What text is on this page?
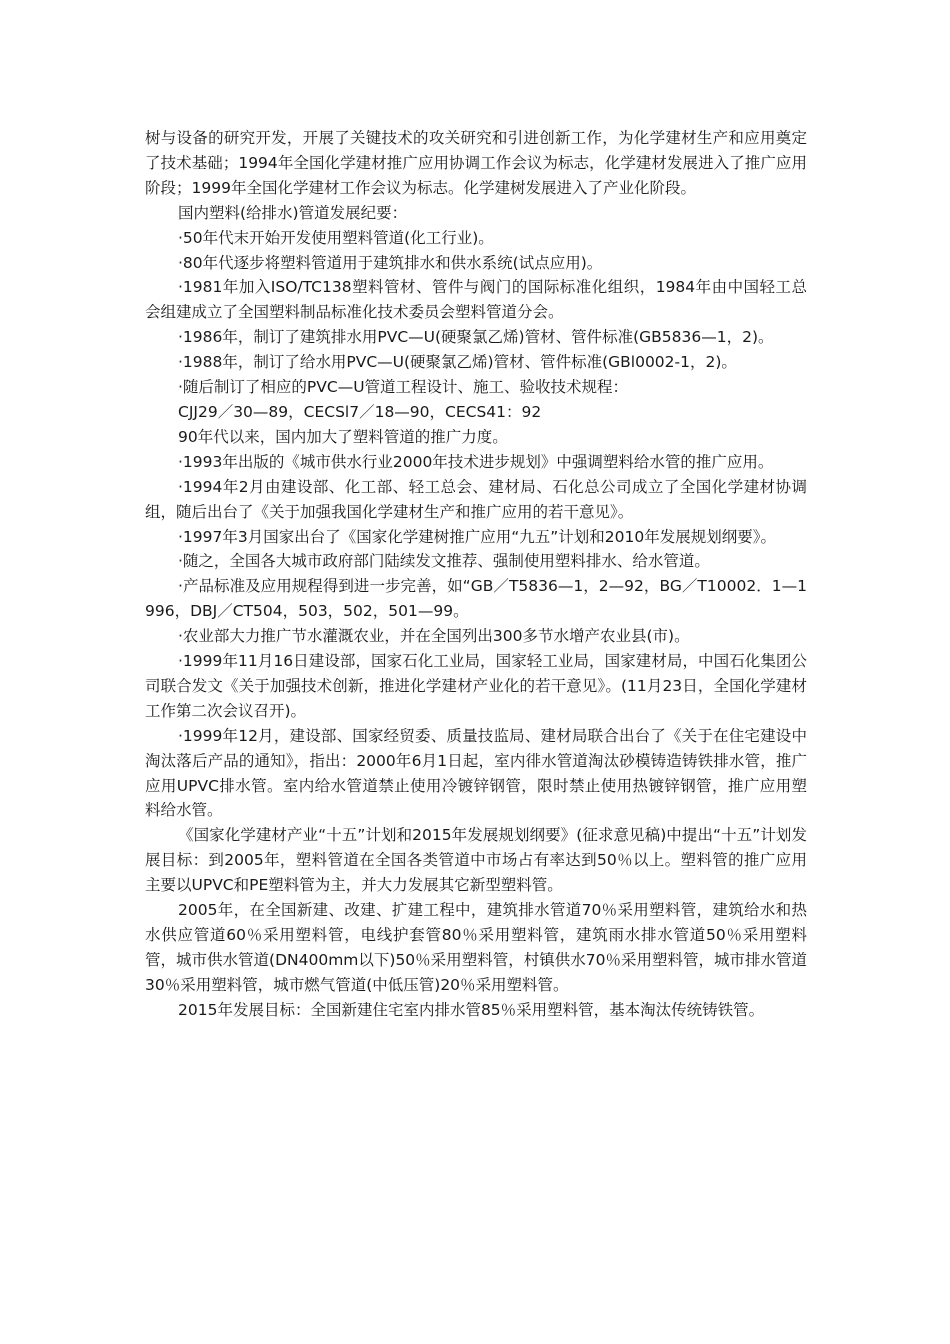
树与设备的研究开发，开展了关键技术的攻关研究和引进创新工作，为化学建材生产和应用奠定了技术基础；1994年全国化学建材推广应用协调工作会议为标志，化学建材发展进入了推广应用阶段；1999年全国化学建材工作会议为标志。化学建树发展进入了产业化阶段。

国内塑料(给排水)管道发展纪要：

·50年代末开始开发使用塑料管道(化工行业)。

·80年代逐步将塑料管道用于建筑排水和供水系统(试点应用)。

·1981年加入ISO/TC138塑料管材、管件与阀门的国际标准化组织，1984年由中国轻工总会组建成立了全国塑料制品标准化技术委员会塑料管道分会。

·1986年，制订了建筑排水用PVC—U(硬聚氯乙烯)管材、管件标准(GB5836—1，2)。

·1988年，制订了给水用PVC—U(硬聚氯乙烯)管材、管件标准(GBl0002-1，2)。

·随后制订了相应的PVC—U管道工程设计、施工、验收技术规程：

CJJ29／30—89，CECSl7／18—90，CECS41：92

90年代以来，国内加大了塑料管道的推广力度。

·1993年出版的《城市供水行业2000年技术进步规划》中强调塑料给水管的推广应用。

·1994年2月由建设部、化工部、轻工总会、建材局、石化总公司成立了全国化学建材协调组，随后出台了《关于加强我国化学建材生产和推广应用的若干意见》。

·1997年3月国家出台了《国家化学建树推广应用“九五”计划和2010年发展规划纲要》。

·随之，全国各大城市政府部门陆续发文推荐、强制使用塑料排水、给水管道。

·产品标准及应用规程得到进一步完善，如“GB／T5836—1，2—92，BG／T10002．1—1996，DBJ／CT504，503，502，501—99。

·农业部大力推广节水灌溉农业，并在全国列出300多节水增产农业县(市)。

·1999年11月16日建设部，国家石化工业局，国家轻工业局，国家建材局，中国石化集团公司联合发文《关于加强技术创新，推进化学建材产业化的若干意见》。(11月23日，全国化学建材工作第二次会议召开)。

·1999年12月，建设部、国家经贸委、质量技监局、建材局联合出台了《关于在住宅建设中淘汰落后产品的通知》，指出：2000年6月1日起，室内徘水管道淘汰砂模铸造铸铁排水管，推广应用UPVC排水管。室内给水管道禁止使用冷镀锌钢管，限时禁止使用热镀锌钢管，推广应用塑料给水管。

《国家化学建材产业“十五”计划和2015年发展规划纲要》(征求意见稿)中提出“十五”计划发展目标：到2005年，塑料管道在全国各类管道中市场占有率达到50％以上。塑料管的推广应用主要以UPVC和PE塑料管为主，并大力发展其它新型塑料管。

2005年，在全国新建、改建、扩建工程中，建筑排水管道70％采用塑料管，建筑给水和热水供应管道60％采用塑料管，电线护套管80％采用塑料管，建筑雨水排水管道50％采用塑料管，城市供水管道(DN400mm以下)50％采用塑料管，村镇供水70％采用塑料管，城市排水管道30％采用塑料管，城市燃气管道(中低压管)20％采用塑料管。

2015年发展目标：全国新建住宅室内排水管85％采用塑料管，基本淘汰传统铸铁管。
